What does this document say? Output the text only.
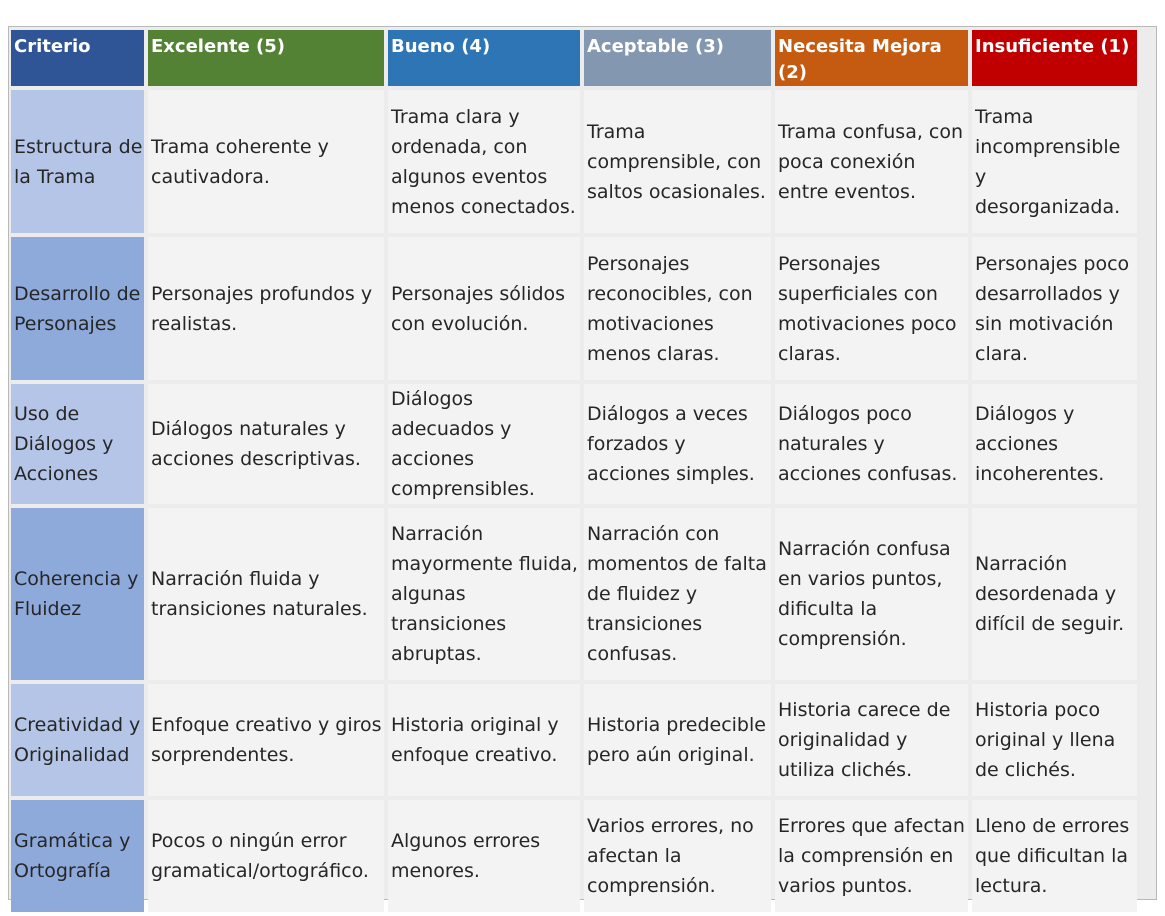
Criterio	Excelente (5)	Bueno (4)	Aceptable (3)	Necesita Mejora (2)	Insuficiente (1)
Estructura de la Trama	Trama coherente y cautivadora.	Trama clara y ordenada, con algunos eventos menos conectados.	Trama comprensible, con saltos ocasionales.	Trama confusa, con poca conexión entre eventos.	Trama incomprensible y desorganizada.
Desarrollo de Personajes	Personajes profundos y realistas.	Personajes sólidos con evolución.	Personajes reconocibles, con motivaciones menos claras.	Personajes superficiales con motivaciones poco claras.	Personajes poco desarrollados y sin motivación clara.
Uso de Diálogos y Acciones	Diálogos naturales y acciones descriptivas.	Diálogos adecuados y acciones comprensibles.	Diálogos a veces forzados y acciones simples.	Diálogos poco naturales y acciones confusas.	Diálogos y acciones incoherentes.
Coherencia y Fluidez	Narración fluida y transiciones naturales.	Narración mayormente fluida, algunas transiciones abruptas.	Narración con momentos de falta de fluidez y transiciones confusas.	Narración confusa en varios puntos, dificulta la comprensión.	Narración desordenada y difícil de seguir.
Creatividad y Originalidad	Enfoque creativo y giros sorprendentes.	Historia original y enfoque creativo.	Historia predecible pero aún original.	Historia carece de originalidad y utiliza clichés.	Historia poco original y llena de clichés.
Gramática y Ortografía	Pocos o ningún error gramatical/ortográfico.	Algunos errores menores.	Varios errores, no afectan la comprensión.	Errores que afectan la comprensión en varios puntos.	Lleno de errores que dificultan la lectura.
